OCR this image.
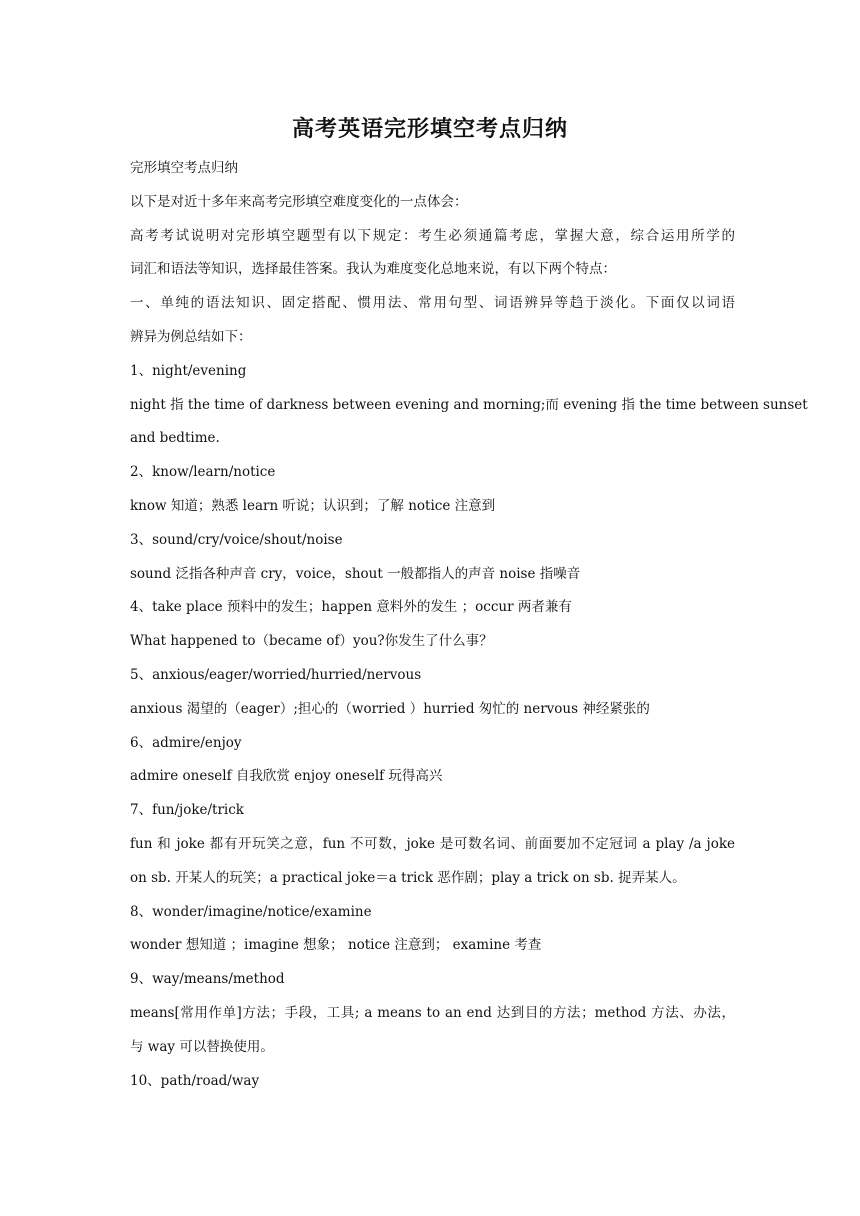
高考英语完形填空考点归纳
完形填空考点归纳
以下是对近十多年来高考完形填空难度变化的一点体会：
高考考试说明对完形填空题型有以下规定：考生必须通篇考虑，掌握大意，综合运用所学的
词汇和语法等知识，选择最佳答案。我认为难度变化总地来说，有以下两个特点：
一、单纯的语法知识、固定搭配、惯用法、常用句型、词语辨异等趋于淡化。下面仅以词语
辨异为例总结如下：
1、night/evening
night 指 the time of darkness between evening and morning;而 evening 指 the time between sunset
and bedtime.
2、know/learn/notice
know 知道；熟悉 learn 听说；认识到；了解 notice 注意到
3、sound/cry/voice/shout/noise
sound 泛指各种声音 cry，voice，shout 一般都指人的声音 noise 指噪音
4、take place 预料中的发生；happen 意料外的发生 ；occur 两者兼有
What happened to（became of）you?你发生了什么事？
5、anxious/eager/worried/hurried/nervous
anxious 渴望的（eager）;担心的（worried ）hurried 匆忙的 nervous 神经紧张的
6、admire/enjoy
admire oneself 自我欣赏 enjoy oneself 玩得高兴
7、fun/joke/trick
fun 和 joke 都有开玩笑之意，fun 不可数，joke 是可数名词、前面要加不定冠词 a play /a joke
on sb. 开某人的玩笑；a practical joke＝a trick 恶作剧；play a trick on sb. 捉弄某人。
8、wonder/imagine/notice/examine
wonder 想知道 ；imagine 想象； notice 注意到； examine 考查
9、way/means/method
means[常用作单]方法；手段，工具; a means to an end 达到目的方法；method 方法、办法，
与 way 可以替换使用。
10、path/road/way
